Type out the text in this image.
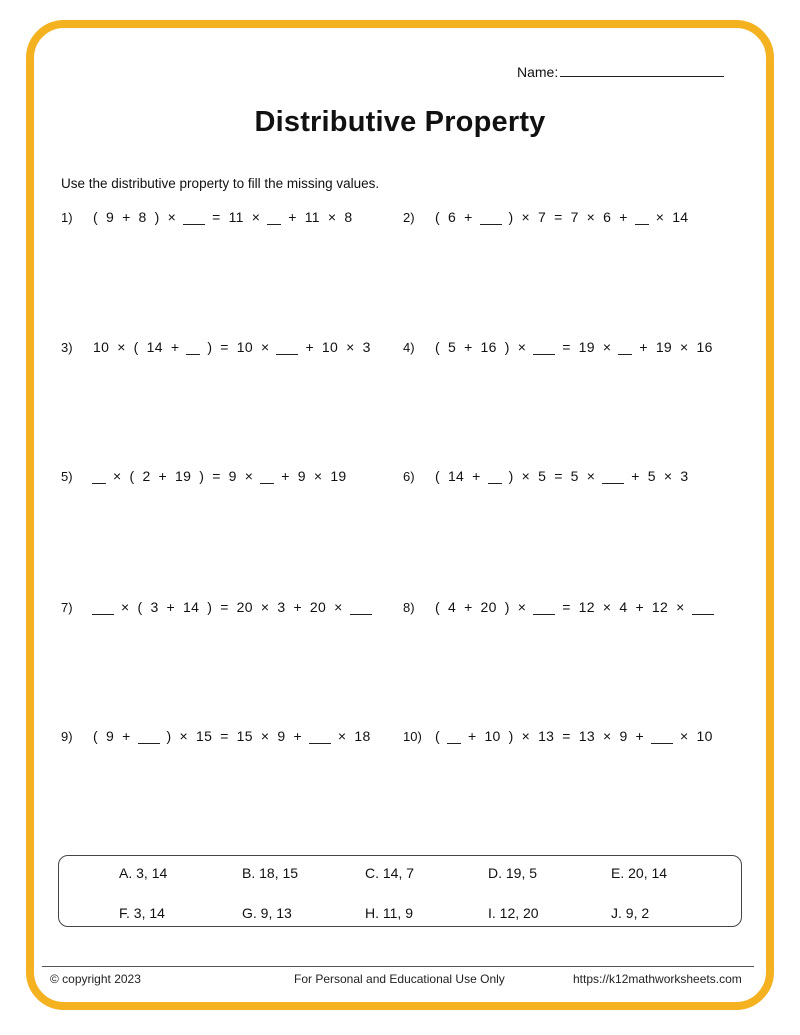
Name:
Distributive Property
Use the distributive property to fill the missing values.
1)	( 9 + 8 ) ×	= 11 × + 11 × 8	2)	( 6 +	) × 7 = 7 × 6 + × 14
3)	10 × ( 14 + ) = 10 ×	+ 10 × 3	4)	( 5 + 16 ) ×	= 19 × + 19 × 16
5)	× ( 2 + 19 ) = 9 × + 9 × 19	6)	( 14 + ) × 5 = 5 ×	+ 5 × 3
7)	× ( 3 + 14 ) = 20 × 3 + 20 ×	8)	( 4 + 20 ) ×	= 12 × 4 + 12 ×
9)	( 9 +	) × 15 = 15 × 9 +	× 18	10) ( + 10 ) × 13 = 13 × 9 +	× 10
A. 3, 14	B. 18, 15	C. 14, 7	D. 19, 5	E. 20, 14
F. 3, 14	G. 9, 13	H. 11, 9	I. 12, 20	J. 9, 2
© copyright 2023	For Personal and Educational Use Only	https://k12mathworksheets.com
